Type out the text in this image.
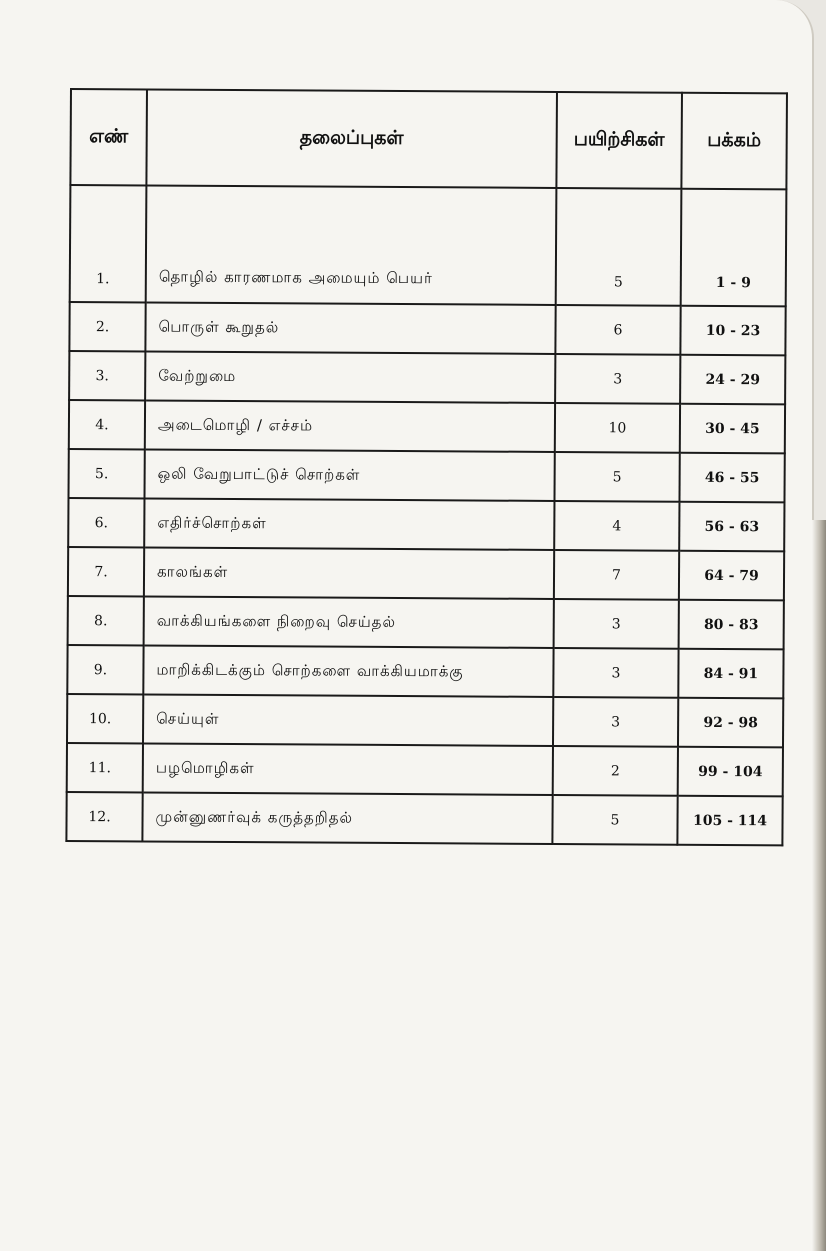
எண்	தலைப்புகள்	பயிற்சிகள்	பக்கம்
1.	தொழில் காரணமாக அமையும் பெயர்	5	1 - 9
2.	பொருள் கூறுதல்	6	10 - 23
3.	வேற்றுமை	3	24 - 29
4.	அடைமொழி / எச்சம்	10	30 - 45
5.	ஒலி வேறுபாட்டுச் சொற்கள்	5	46 - 55
6.	எதிர்ச்சொற்கள்	4	56 - 63
7.	காலங்கள்	7	64 - 79
8.	வாக்கியங்களை நிறைவு செய்தல்	3	80 - 83
9.	மாறிக்கிடக்கும் சொற்களை வாக்கியமாக்கு	3	84 - 91
10.	செய்யுள்	3	92 - 98
11.	பழமொழிகள்	2	99 - 104
12.	முன்னுணர்வுக் கருத்தறிதல்	5	105 - 114
